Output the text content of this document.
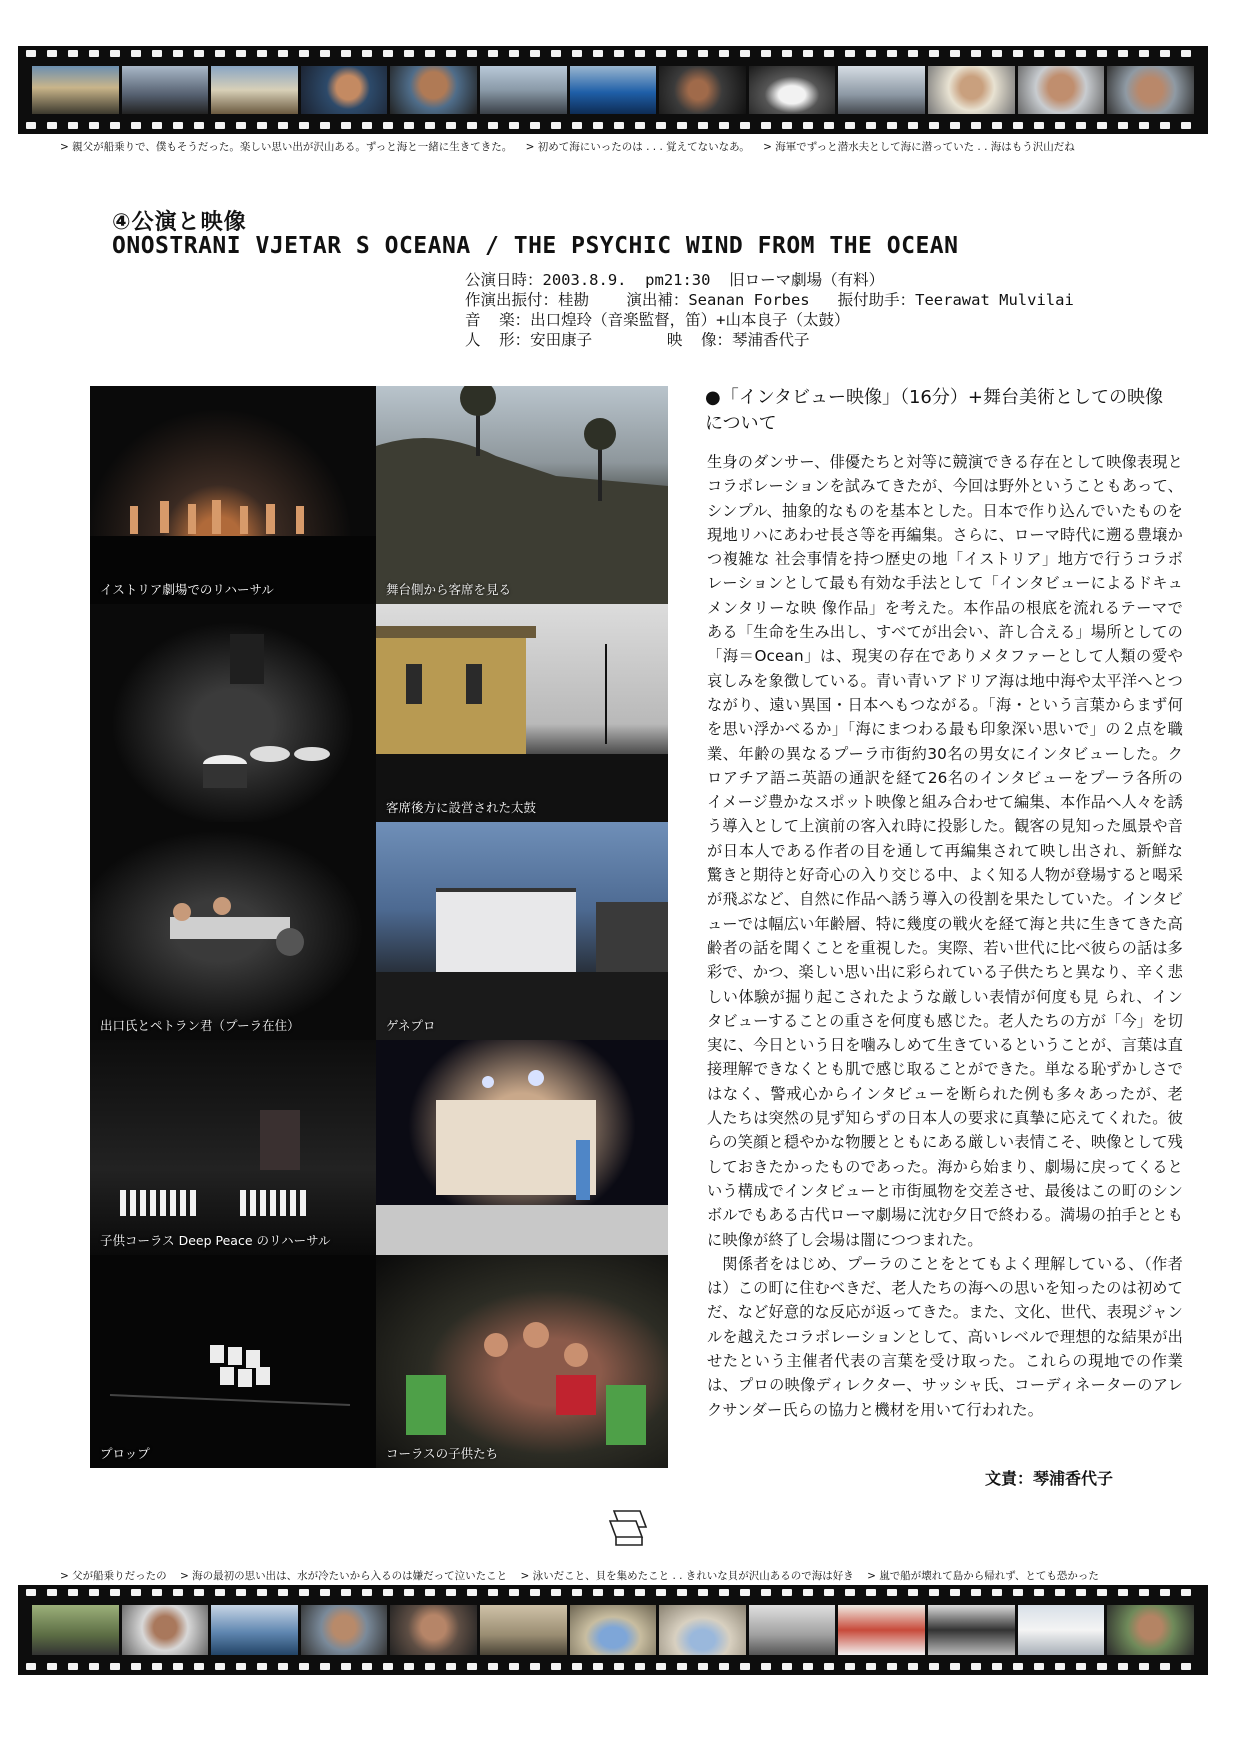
> 親父が船乗りで、僕もそうだった。楽しい思い出が沢山ある。ずっと海と一緒に生きてきた。 > 初めて海にいったのは . . . 覚えてないなあ。 > 海軍でずっと潜水夫として海に潜っていた . . 海はもう沢山だね
④公演と映像
ONOSTRANI VJETAR S OCEANA / THE PSYCHIC WIND FROM THE OCEAN
公演日時：2003.8.9.  pm21:30  旧ローマ劇場（有料）
作演出振付：桂勘    演出補：Seanan Forbes   振付助手：Teerawat Mulvilai
音  楽：出口煌玲（音楽監督，笛）+山本良子（太鼓）
人  形：安田康子        映  像：琴浦香代子
イストリア劇場でのリハーサル	舞台側から客席を見る
客席後方に設営された太鼓
出口氏とペトラン君（プーラ在住）	ゲネプロ
子供コーラス Deep Peace のリハーサル
プロップ	コーラスの子供たち
●「インタビュー映像」（16分）+舞台美術としての映像について

生身のダンサー、俳優たちと対等に競演できる存在として映像表現とコラボレーションを試みてきたが、今回は野外ということもあって、シンプル、抽象的なものを基本とした。日本で作り込んでいたものを現地リハにあわせ長さ等を再編集。さらに、ローマ時代に遡る豊壌かつ複雑な 社会事情を持つ歴史の地「イストリア」地方で行うコラボレーションとして最も有効な手法として「インタビューによるドキュメンタリーな映 像作品」を考えた。本作品の根底を流れるテーマである「生命を生み出し、すべてが出会い、許し合える」場所としての「海＝Ocean」は、現実の存在でありメタファーとして人類の愛や哀しみを象徴している。青い青いアドリア海は地中海や太平洋へとつながり、遠い異国・日本へもつながる。「海・という言葉からまず何を思い浮かべるか」「海にまつわる最も印象深い思いで」の２点を職業、年齢の異なるプーラ市街約30名の男女にインタビューした。クロアチア語ニ英語の通訳を経て26名のインタビューをプーラ各所のイメージ豊かなスポット映像と組み合わせて編集、本作品へ人々を誘う導入として上演前の客入れ時に投影した。観客の見知った風景や音が日本人である作者の目を通して再編集されて映し出され、新鮮な驚きと期待と好奇心の入り交じる中、よく知る人物が登場すると喝采が飛ぶなど、自然に作品へ誘う導入の役割を果たしていた。インタビューでは幅広い年齢層、特に幾度の戦火を経て海と共に生きてきた高齢者の話を聞くことを重視した。実際、若い世代に比べ彼らの話は多彩で、かつ、楽しい思い出に彩られている子供たちと異なり、辛く悲しい体験が掘り起こされたような厳しい表情が何度も見 られ、インタビューすることの重さを何度も感じた。老人たちの方が「今」を切実に、今日という日を噛みしめて生きているということが、言葉は直接理解できなくとも肌で感じ取ることができた。単なる恥ずかしさではなく、警戒心からインタビューを断られた例も多々あったが、老 人たちは突然の見ず知らずの日本人の要求に真摯に応えてくれた。彼らの笑顔と穏やかな物腰とともにある厳しい表情こそ、映像として残しておきたかったものであった。海から始まり、劇場に戻ってくるという構成でインタビューと市街風物を交差させ、最後はこの町のシンボルでもある古代ローマ劇場に沈む夕日で終わる。満場の拍手とともに映像が終了し会場は闇につつまれた。

関係者をはじめ、プーラのことをとてもよく理解している、（作者は）この町に住むべきだ、老人たちの海への思いを知ったのは初めてだ、など好意的な反応が返ってきた。また、文化、世代、表現ジャンルを越えたコラボレーションとして、高いレベルで理想的な結果が出せたという主催者代表の言葉を受け取った。これらの現地での作業は、プロの映像ディレクター、サッシャ氏、コーディネーターのアレクサンダー氏らの協力と機材を用いて行われた。

文責：琴浦香代子
> 父が船乗りだったの > 海の最初の思い出は、水が冷たいから入るのは嫌だって泣いたこと > 泳いだこと、貝を集めたこと . . きれいな貝が沢山あるので海は好き > 嵐で船が壊れて島から帰れず、とても恐かった
